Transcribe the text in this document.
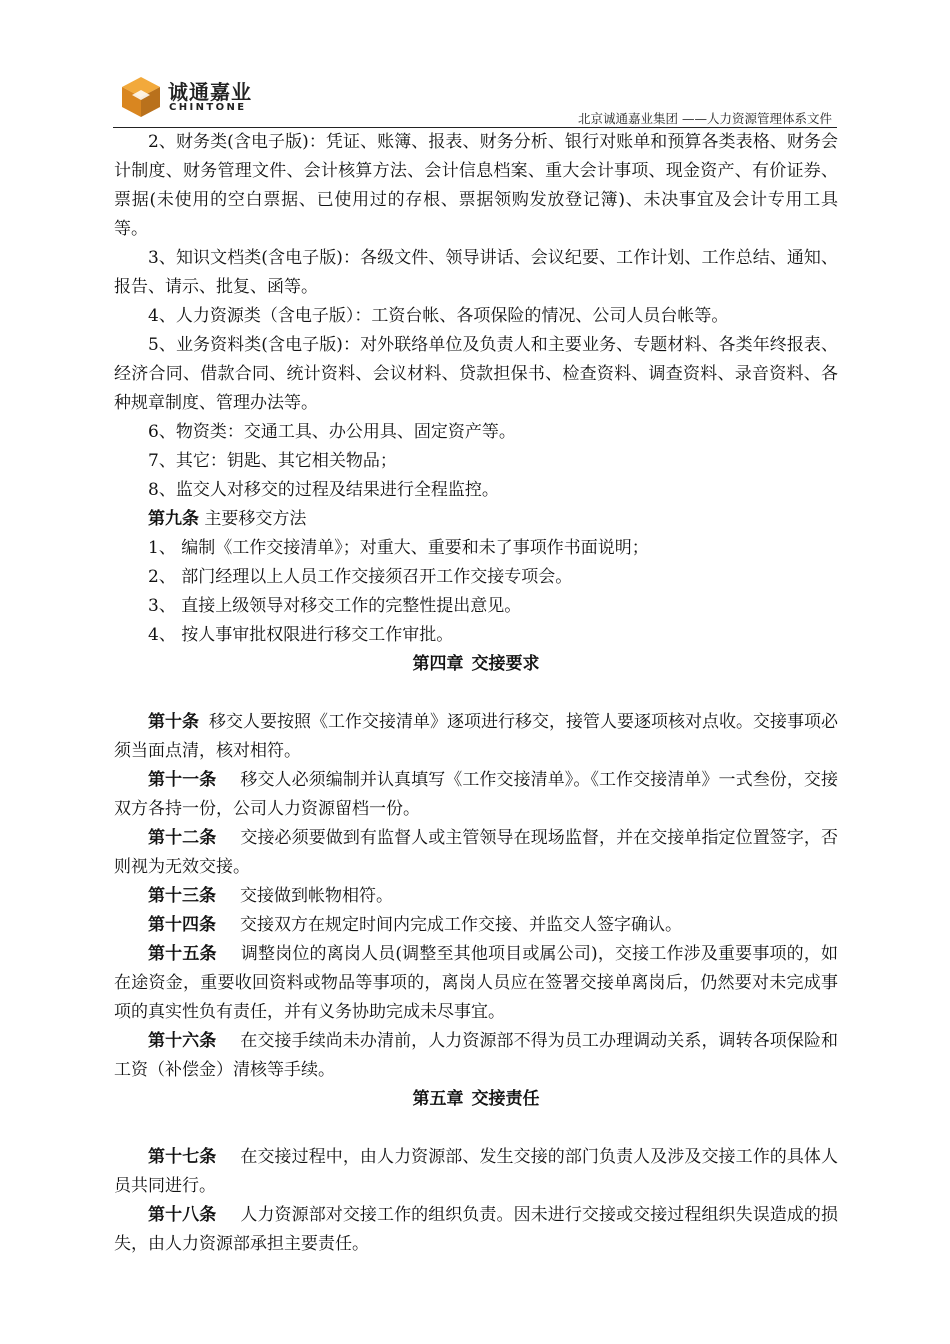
诚通嘉业
CHINTONE
北京诚通嘉业集团 ——人力资源管理体系文件

2、财务类(含电子版)：凭证、账簿、报表、财务分析、银行对账单和预算各类表格、财务会计制度、财务管理文件、会计核算方法、会计信息档案、重大会计事项、现金资产、有价证券、票据(未使用的空白票据、已使用过的存根、票据领购发放登记簿)、未决事宜及会计专用工具等。

3、知识文档类(含电子版)：各级文件、领导讲话、会议纪要、工作计划、工作总结、通知、报告、请示、批复、函等。

4、人力资源类（含电子版）：工资台帐、各项保险的情况、公司人员台帐等。

5、业务资料类(含电子版)：对外联络单位及负责人和主要业务、专题材料、各类年终报表、经济合同、借款合同、统计资料、会议材料、贷款担保书、检查资料、调查资料、录音资料、各种规章制度、管理办法等。

6、物资类：交通工具、办公用具、固定资产等。

7、其它：钥匙、其它相关物品；

8、监交人对移交的过程及结果进行全程监控。

第九条 主要移交方法

1、 编制《工作交接清单》；对重大、重要和未了事项作书面说明；

2、 部门经理以上人员工作交接须召开工作交接专项会。

3、 直接上级领导对移交工作的完整性提出意见。

4、 按人事审批权限进行移交工作审批。

第四章 交接要求

第十条 移交人要按照《工作交接清单》逐项进行移交，接管人要逐项核对点收。交接事项必须当面点清，核对相符。

第十一条 移交人必须编制并认真填写《工作交接清单》。《工作交接清单》一式叁份，交接双方各持一份，公司人力资源留档一份。

第十二条 交接必须要做到有监督人或主管领导在现场监督，并在交接单指定位置签字，否则视为无效交接。

第十三条 交接做到帐物相符。

第十四条 交接双方在规定时间内完成工作交接、并监交人签字确认。

第十五条 调整岗位的离岗人员(调整至其他项目或属公司)，交接工作涉及重要事项的，如在途资金，重要收回资料或物品等事项的，离岗人员应在签署交接单离岗后，仍然要对未完成事项的真实性负有责任，并有义务协助完成未尽事宜。

第十六条 在交接手续尚未办清前，人力资源部不得为员工办理调动关系，调转各项保险和工资（补偿金）清核等手续。

第五章 交接责任

第十七条 在交接过程中，由人力资源部、发生交接的部门负责人及涉及交接工作的具体人员共同进行。

第十八条 人力资源部对交接工作的组织负责。因未进行交接或交接过程组织失误造成的损失，由人力资源部承担主要责任。
